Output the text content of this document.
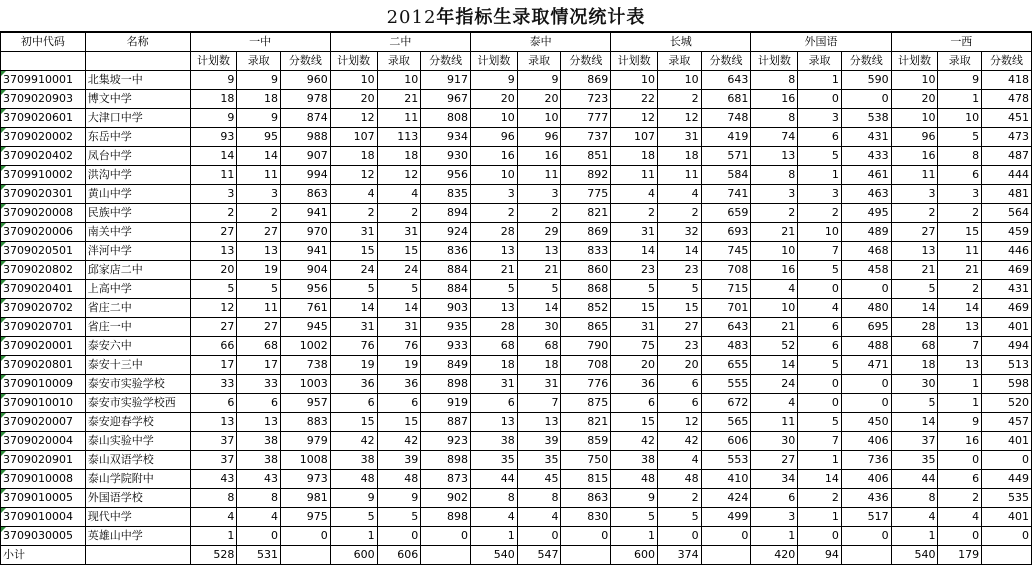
2012年指标生录取情况统计表
初中代码	名称	一中			二中			泰中			长城			外国语			一西		
		计划数	录取	分数线	计划数	录取	分数线	计划数	录取	分数线	计划数	录取	分数线	计划数	录取	分数线	计划数	录取	分数线
3709910001	北集坡一中	9	9	960	10	10	917	9	9	869	10	10	643	8	1	590	10	9	418
3709020903	博文中学	18	18	978	20	21	967	20	20	723	22	2	681	16	0	0	20	1	478
3709020601	大津口中学	9	9	874	12	11	808	10	10	777	12	12	748	8	3	538	10	10	451
3709020002	东岳中学	93	95	988	107	113	934	96	96	737	107	31	419	74	6	431	96	5	473
3709020402	凤台中学	14	14	907	18	18	930	16	16	851	18	18	571	13	5	433	16	8	487
3709910002	洪沟中学	11	11	994	12	12	956	10	11	892	11	11	584	8	1	461	11	6	444
3709020301	黄山中学	3	3	863	4	4	835	3	3	775	4	4	741	3	3	463	3	3	481
3709020008	民族中学	2	2	941	2	2	894	2	2	821	2	2	659	2	2	495	2	2	564
3709020006	南关中学	27	27	970	31	31	924	28	29	869	31	32	693	21	10	489	27	15	459
3709020501	泮河中学	13	13	941	15	15	836	13	13	833	14	14	745	10	7	468	13	11	446
3709020802	邱家店二中	20	19	904	24	24	884	21	21	860	23	23	708	16	5	458	21	21	469
3709020401	上高中学	5	5	956	5	5	884	5	5	868	5	5	715	4	0	0	5	2	431
3709020702	省庄二中	12	11	761	14	14	903	13	14	852	15	15	701	10	4	480	14	14	469
3709020701	省庄一中	27	27	945	31	31	935	28	30	865	31	27	643	21	6	695	28	13	401
3709020001	泰安六中	66	68	1002	76	76	933	68	68	790	75	23	483	52	6	488	68	7	494
3709020801	泰安十三中	17	17	738	19	19	849	18	18	708	20	20	655	14	5	471	18	13	513
3709010009	泰安市实验学校	33	33	1003	36	36	898	31	31	776	36	6	555	24	0	0	30	1	598
3709010010	泰安市实验学校西	6	6	957	6	6	919	6	7	875	6	6	672	4	0	0	5	1	520
3709020007	泰安迎春学校	13	13	883	15	15	887	13	13	821	15	12	565	11	5	450	14	9	457
3709020004	泰山实验中学	37	38	979	42	42	923	38	39	859	42	42	606	30	7	406	37	16	401
3709020901	泰山双语学校	37	38	1008	38	39	898	35	35	750	38	4	553	27	1	736	35	0	0
3709010008	泰山学院附中	43	43	973	48	48	873	44	45	815	48	48	410	34	14	406	44	6	449
3709010005	外国语学校	8	8	981	9	9	902	8	8	863	9	2	424	6	2	436	8	2	535
3709010004	现代中学	4	4	975	5	5	898	4	4	830	5	5	499	3	1	517	4	4	401
3709030005	英雄山中学	1	0	0	1	0	0	1	0	0	1	0	0	1	0	0	1	0	0
小计		528	531		600	606		540	547		600	374		420	94		540	179	
